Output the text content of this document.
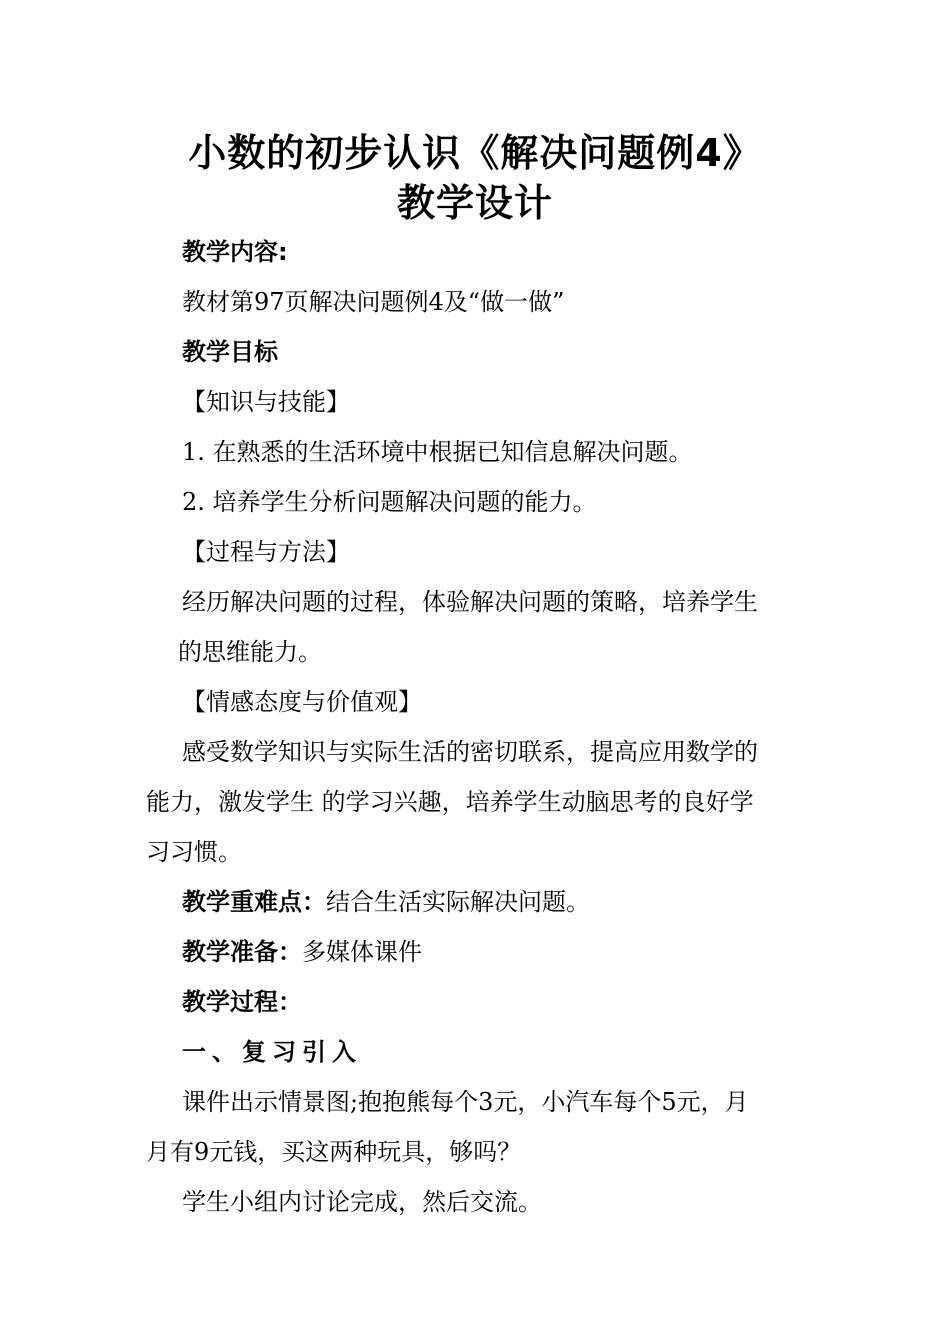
小数的初步认识《解决问题例4》
教学设计
教学内容:
教材第97页解决问题例4及“做一做”
教学目标
【知识与技能】
1. 在熟悉的生活环境中根据已知信息解决问题。
2. 培养学生分析问题解决问题的能力。
【过程与方法】
经历解决问题的过程，体验解决问题的策略，培养学生
的思维能力。
【情感态度与价值观】
感受数学知识与实际生活的密切联系，提高应用数学的
能力，激发学生 的学习兴趣，培养学生动脑思考的良好学
习习惯。
教学重难点：结合生活实际解决问题。
教学准备：多媒体课件
教学过程：
一、复习引入
课件出示情景图;抱抱熊每个3元，小汽车每个5元，月
月有9元钱，买这两种玩具，够吗？
学生小组内讨论完成，然后交流。
